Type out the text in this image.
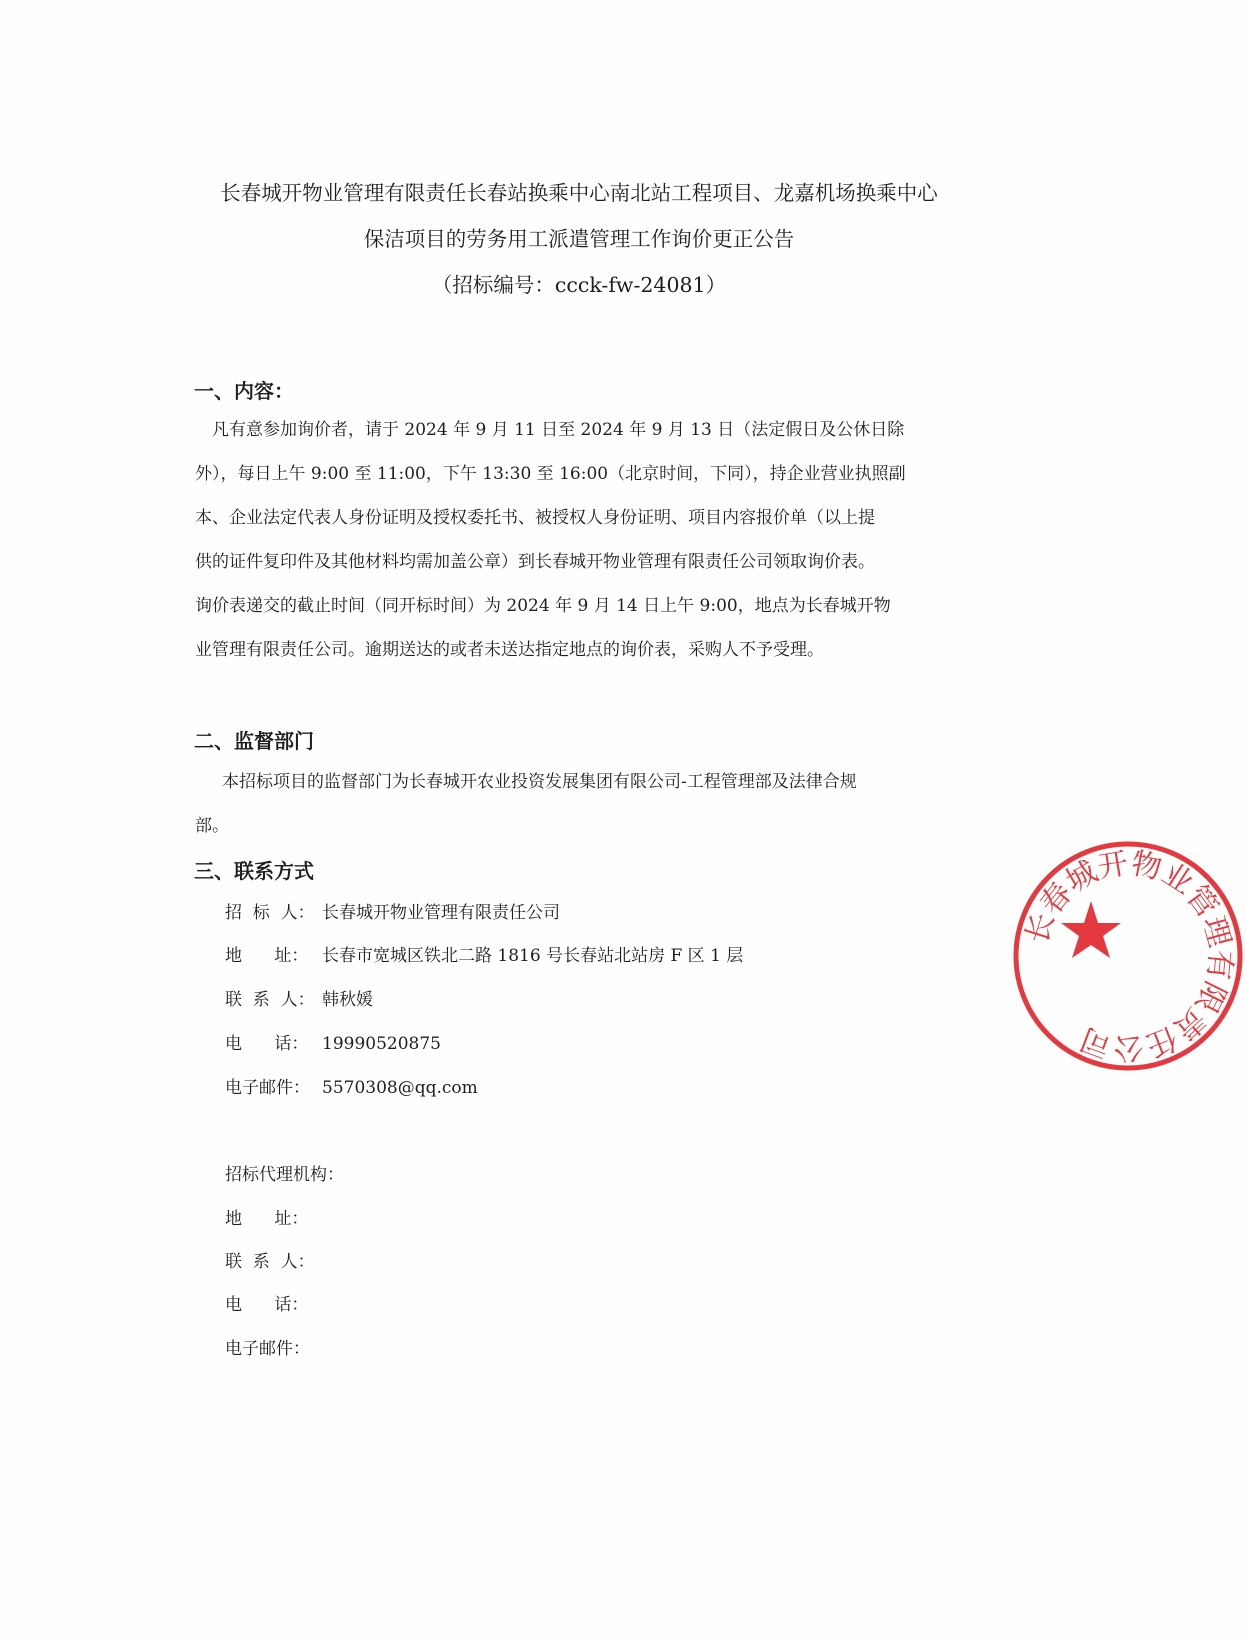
长春城开物业管理有限责任长春站换乘中心南北站工程项目、龙嘉机场换乘中心
保洁项目的劳务用工派遣管理工作询价更正公告
（招标编号：ccck-fw-24081）
一、内容：
凡有意参加询价者，请于 2024 年 9 月 11 日至 2024 年 9 月 13 日（法定假日及公休日除
外），每日上午 9:00 至 11:00，下午 13:30 至 16:00（北京时间，下同），持企业营业执照副
本、企业法定代表人身份证明及授权委托书、被授权人身份证明、项目内容报价单（以上提
供的证件复印件及其他材料均需加盖公章）到长春城开物业管理有限责任公司领取询价表。
询价表递交的截止时间（同开标时间）为 2024 年 9 月 14 日上午 9:00，地点为长春城开物
业管理有限责任公司。逾期送达的或者未送达指定地点的询价表，采购人不予受理。
二、监督部门
本招标项目的监督部门为长春城开农业投资发展集团有限公司-工程管理部及法律合规
部。
三、联系方式
招  标  人： 长春城开物业管理有限责任公司
地      址： 长春市宽城区铁北二路 1816 号长春站北站房 F 区 1 层
联  系  人： 韩秋媛
电      话： 19990520875
电子邮件： 5570308@qq.com
招标代理机构：
地      址：
联  系  人：
电      话：
电子邮件：
长春城开物业管理有限责任公司
